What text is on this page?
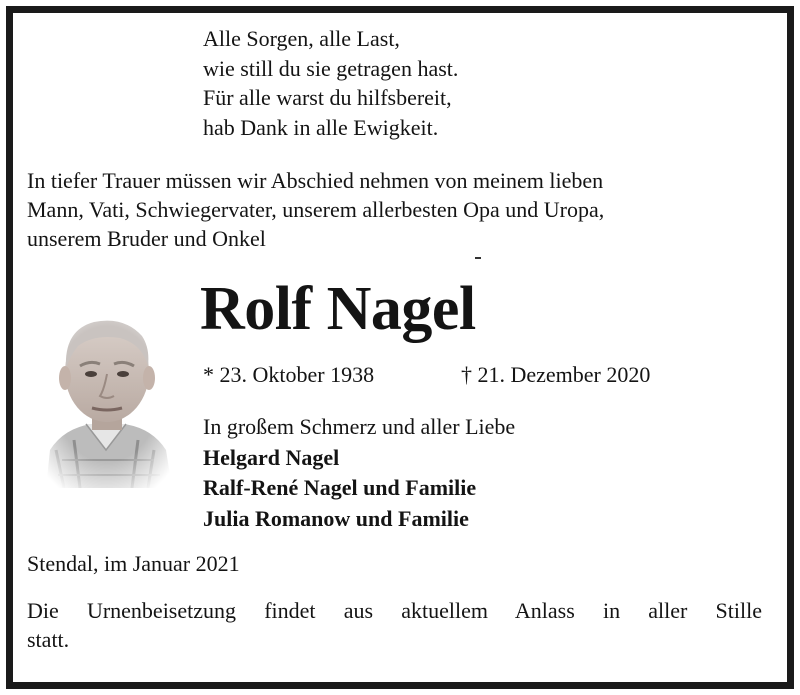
Alle Sorgen, alle Last,
wie still du sie getragen hast.
Für alle warst du hilfsbereit,
hab Dank in alle Ewigkeit.
In tiefer Trauer müssen wir Abschied nehmen von meinem lieben
Mann, Vati, Schwiegervater, unserem allerbesten Opa und Uropa,
unserem Bruder und Onkel
Rolf Nagel
* 23. Oktober 1938	† 21. Dezember 2020
In großem Schmerz und aller Liebe
Helgard Nagel
Ralf-René Nagel und Familie
Julia Romanow und Familie
Stendal, im Januar 2021
Die Urnenbeisetzung findet aus aktuellem Anlass in aller Stille
statt.
